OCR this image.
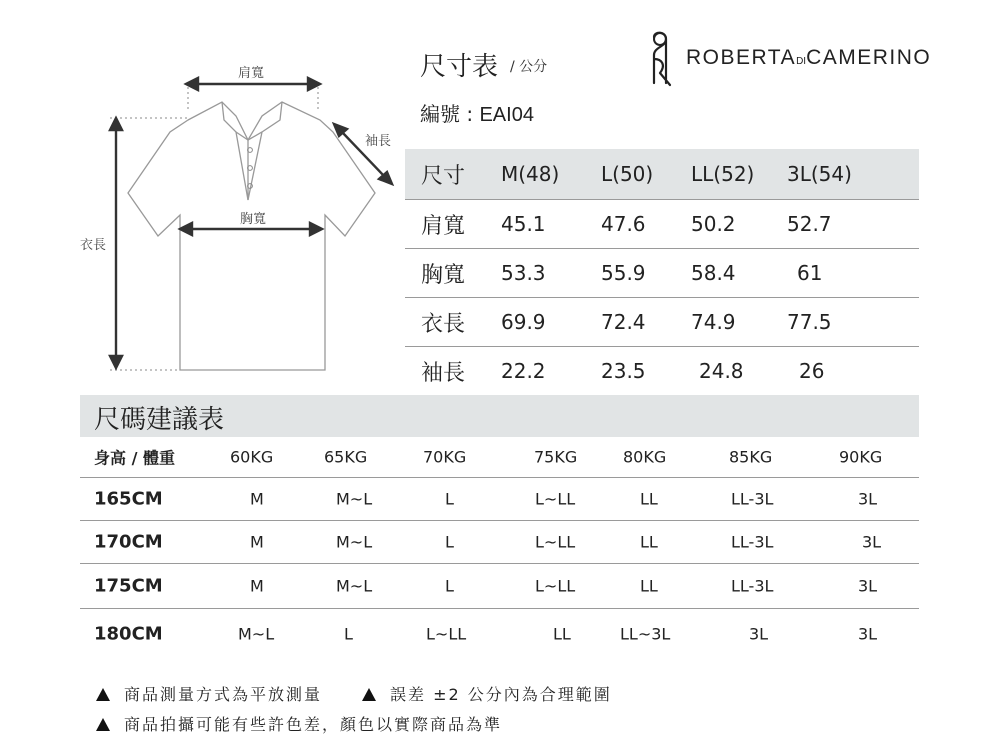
尺寸表 / 公分
編號 : EAI04
ROBERTADICAMERINO
肩寬
袖長
胸寬
衣長
尺寸	M(48)	L(50)	LL(52)	3L(54)
肩寬	45.1	47.6	50.2	52.7
胸寬	53.3	55.9	58.4	61
衣長	69.9	72.4	74.9	77.5
袖長	22.2	23.5	24.8	26
尺碼建議表
身高 / 體重	60KG	65KG	70KG	75KG	80KG	85KG	90KG
165CM	M	M~L	L	L~LL	LL	LL-3L	3L
170CM	M	M~L	L	L~LL	LL	LL-3L	3L
175CM	M	M~L	L	L~LL	LL	LL-3L	3L
180CM	M~L	L	L~LL	LL	LL~3L	3L	3L
商品測量方式為平放測量	誤差 ±2 公分內為合理範圍
商品拍攝可能有些許色差，顏色以實際商品為準
